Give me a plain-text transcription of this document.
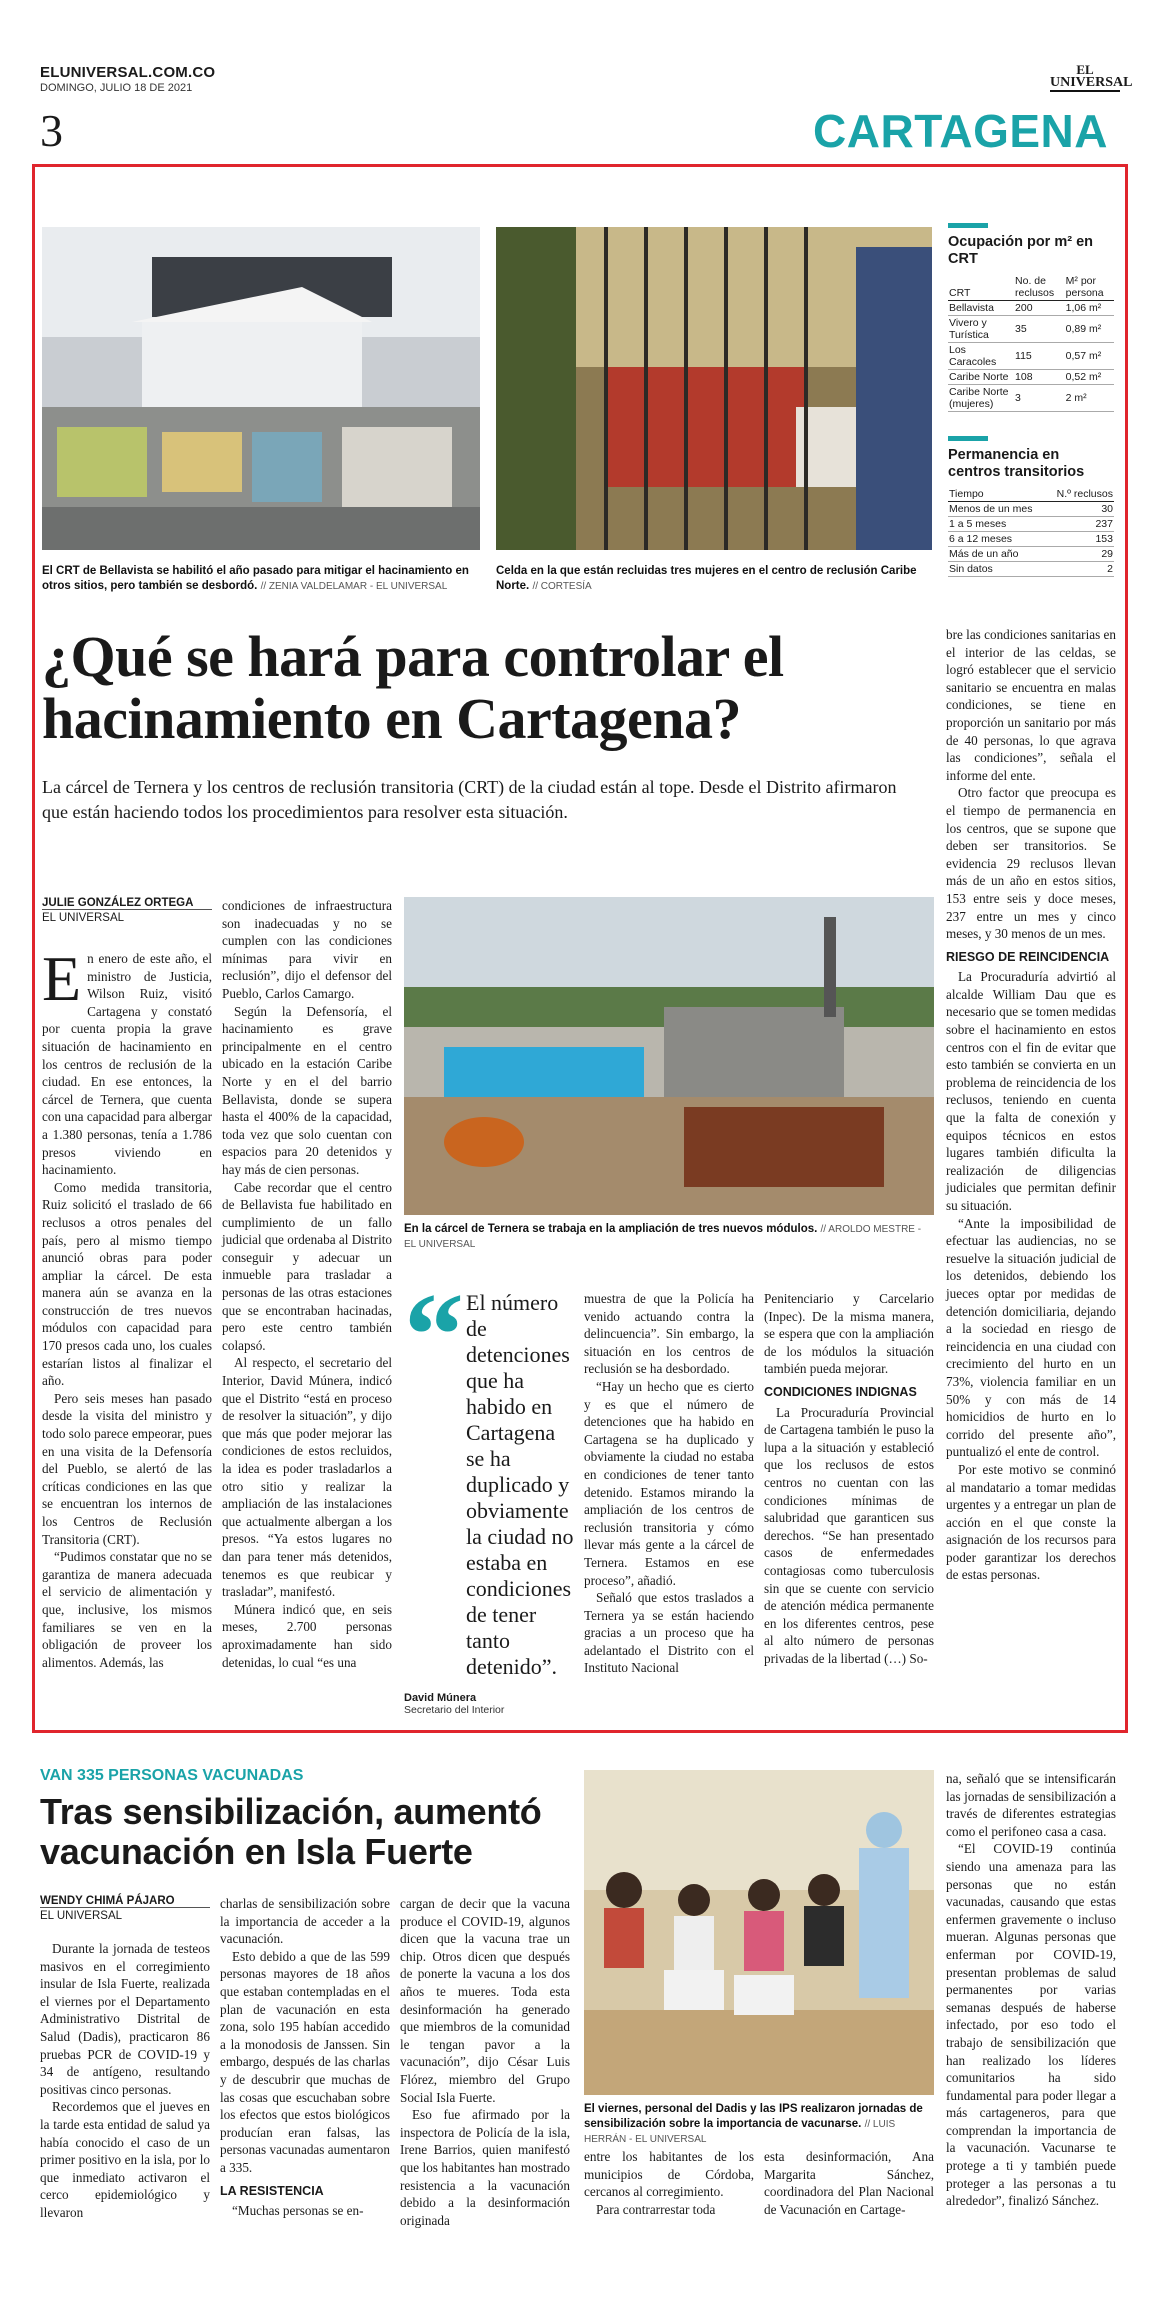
ELUNIVERSAL.COM.CO
DOMINGO, JULIO 18 DE 2021
3
EL
UNIVERSAL
CARTAGENA
El CRT de Bellavista se habilitó el año pasado para mitigar el hacinamiento en otros sitios, pero también se desbordó. // ZENIA VALDELAMAR - EL UNIVERSAL
Celda en la que están recluidas tres mujeres en el centro de reclusión Caribe Norte. // CORTESÍA
Ocupación por m² en CRT
CRT	No. de reclusos	M² por persona
Bellavista	200	1,06 m²
Vivero y Turística	35	0,89 m²
Los Caracoles	115	0,57 m²
Caribe Norte	108	0,52 m²
Caribe Norte (mujeres)	3	2 m²
Permanencia en centros transitorios
Tiempo	N.º reclusos
Menos de un mes	30
1 a 5 meses	237
6 a 12 meses	153
Más de un año	29
Sin datos	2
¿Qué se hará para controlar el hacinamiento en Cartagena?
La cárcel de Ternera y los centros de reclusión transitoria (CRT) de la ciudad están al tope. Desde el Distrito afirmaron que están haciendo todos los procedimientos para resolver esta situación.
JULIE GONZÁLEZ ORTEGA
EL UNIVERSAL

En enero de este año, el ministro de Justicia, Wilson Ruiz, visitó Cartagena y constató por cuenta propia la grave situación de hacinamiento en los centros de reclusión de la ciudad. En ese entonces, la cárcel de Ternera, que cuenta con una capacidad para albergar a 1.380 personas, tenía a 1.786 presos viviendo en hacinamiento.

Como medida transitoria, Ruiz solicitó el traslado de 66 reclusos a otros penales del país, pero al mismo tiempo anunció obras para poder ampliar la cárcel. De esta manera aún se avanza en la construcción de tres nuevos módulos con capacidad para 170 presos cada uno, los cuales estarían listos al finalizar el año.

Pero seis meses han pasado desde la visita del ministro y todo solo parece empeorar, pues en una visita de la Defensoría del Pueblo, se alertó de las críticas condiciones en las que se encuentran los internos de los Centros de Reclusión Transitoria (CRT).

“Pudimos constatar que no se garantiza de manera adecuada el servicio de alimentación y que, inclusive, los mismos familiares se ven en la obligación de proveer los alimentos. Además, las

condiciones de infraestructura son inadecuadas y no se cumplen con las condiciones mínimas para vivir en reclusión”, dijo el defensor del Pueblo, Carlos Camargo.

Según la Defensoría, el hacinamiento es grave principalmente en el centro ubicado en la estación Caribe Norte y en el del barrio Bellavista, donde se supera hasta el 400% de la capacidad, toda vez que solo cuentan con espacios para 20 detenidos y hay más de cien personas.

Cabe recordar que el centro de Bellavista fue habilitado en cumplimiento de un fallo judicial que ordenaba al Distrito conseguir y adecuar un inmueble para trasladar a personas de las otras estaciones que se encontraban hacinadas, pero este centro también colapsó.

Al respecto, el secretario del Interior, David Múnera, indicó que el Distrito “está en proceso de resolver la situación”, y dijo que más que poder mejorar las condiciones de estos recluidos, la idea es poder trasladarlos a otro sitio y realizar la ampliación de las instalaciones que actualmente albergan a los presos. “Ya estos lugares no dan para tener más detenidos, tenemos es que reubicar y trasladar”, manifestó.

Múnera indicó que, en seis meses, 2.700 personas aproximadamente han sido detenidas, lo cual “es una

En la cárcel de Ternera se trabaja en la ampliación de tres nuevos módulos. // AROLDO MESTRE - EL UNIVERSAL
“ El número de detenciones que ha habido en Cartagena se ha duplicado y obviamente la ciudad no estaba en condiciones de tener tanto detenido”.
David Múnera
Secretario del Interior

muestra de que la Policía ha venido actuando contra la delincuencia”. Sin embargo, la situación en los centros de reclusión se ha desbordado.

“Hay un hecho que es cierto y es que el número de detenciones que ha habido en Cartagena se ha duplicado y obviamente la ciudad no estaba en condiciones de tener tanto detenido. Estamos mirando la ampliación de los centros de reclusión transitoria y cómo llevar más gente a la cárcel de Ternera. Estamos en ese proceso”, añadió.

Señaló que estos traslados a Ternera ya se están haciendo gracias a un proceso que ha adelantado el Distrito con el Instituto Nacional

Penitenciario y Carcelario (Inpec). De la misma manera, se espera que con la ampliación de los módulos la situación también pueda mejorar.

CONDICIONES INDIGNAS

La Procuraduría Provincial de Cartagena también le puso la lupa a la situación y estableció que los reclusos de estos centros no cuentan con las condiciones mínimas de salubridad que garanticen sus derechos. “Se han presentado casos de enfermedades contagiosas como tuberculosis sin que se cuente con servicio de atención médica permanente en los diferentes centros, pese al alto número de personas privadas de la libertad (…) So-

bre las condiciones sanitarias en el interior de las celdas, se logró establecer que el servicio sanitario se encuentra en malas condiciones, se tiene en proporción un sanitario por más de 40 personas, lo que agrava las condiciones”, señala el informe del ente.

Otro factor que preocupa es el tiempo de permanencia en los centros, que se supone que deben ser transitorios. Se evidencia 29 reclusos llevan más de un año en estos sitios, 153 entre seis y doce meses, 237 entre un mes y cinco meses, y 30 menos de un mes.

RIESGO DE REINCIDENCIA

La Procuraduría advirtió al alcalde William Dau que es necesario que se tomen medidas sobre el hacinamiento en estos centros con el fin de evitar que esto también se convierta en un problema de reincidencia de los reclusos, teniendo en cuenta que la falta de conexión y equipos técnicos en estos lugares también dificulta la realización de diligencias judiciales que permitan definir su situación.

“Ante la imposibilidad de efectuar las audiencias, no se resuelve la situación judicial de los detenidos, debiendo los jueces optar por medidas de detención domiciliaria, dejando a la sociedad en riesgo de reincidencia en una ciudad con crecimiento del hurto en un 73%, violencia familiar en un 50% y con más de 14 homicidios de hurto en lo corrido del presente año”, puntualizó el ente de control.

Por este motivo se conminó al mandatario a tomar medidas urgentes y a entregar un plan de acción en el que conste la asignación de los recursos para poder garantizar los derechos de estas personas.

VAN 335 PERSONAS VACUNADAS
Tras sensibilización, aumentó vacunación en Isla Fuerte
WENDY CHIMÁ PÁJARO
EL UNIVERSAL

Durante la jornada de testeos masivos en el corregimiento insular de Isla Fuerte, realizada el viernes por el Departamento Administrativo Distrital de Salud (Dadis), practicaron 86 pruebas PCR de COVID-19 y 34 de antígeno, resultando positivas cinco personas.

Recordemos que el jueves en la tarde esta entidad de salud ya había conocido el caso de un primer positivo en la isla, por lo que inmediato activaron el cerco epidemiológico y llevaron

charlas de sensibilización sobre la importancia de acceder a la vacunación.

Esto debido a que de las 599 personas mayores de 18 años que estaban contempladas en el plan de vacunación en esta zona, solo 195 habían accedido a la monodosis de Janssen. Sin embargo, después de las charlas y de descubrir que muchas de las cosas que escuchaban sobre los efectos que estos biológicos producían eran falsas, las personas vacunadas aumentaron a 335.

LA RESISTENCIA

“Muchas personas se en-

cargan de decir que la vacuna produce el COVID-19, algunos dicen que la vacuna trae un chip. Otros dicen que después de ponerte la vacuna a los dos años te mueres. Toda esta desinformación ha generado que miembros de la comunidad le tengan pavor a la vacunación”, dijo César Luis Flórez, miembro del Grupo Social Isla Fuerte.

Eso fue afirmado por la inspectora de Policía de la isla, Irene Barrios, quien manifestó que los habitantes han mostrado resistencia a la vacunación debido a la desinformación originada

El viernes, personal del Dadis y las IPS realizaron jornadas de sensibilización sobre la importancia de vacunarse. // LUIS HERRÁN - EL UNIVERSAL

entre los habitantes de los municipios de Córdoba, cercanos al corregimiento.

Para contrarrestar toda

esta desinformación, Ana Margarita Sánchez, coordinadora del Plan Nacional de Vacunación en Cartage-

na, señaló que se intensificarán las jornadas de sensibilización a través de diferentes estrategias como el perifoneo casa a casa.

“El COVID-19 continúa siendo una amenaza para las personas que no están vacunadas, causando que estas enfermen gravemente o incluso mueran. Algunas personas que enferman por COVID-19, presentan problemas de salud permanentes por varias semanas después de haberse infectado, por eso todo el trabajo de sensibilización que han realizado los líderes comunitarios ha sido fundamental para poder llegar a más cartageneros, para que comprendan la importancia de la vacunación. Vacunarse te protege a ti y también puede proteger a las personas a tu alrededor”, finalizó Sánchez.
